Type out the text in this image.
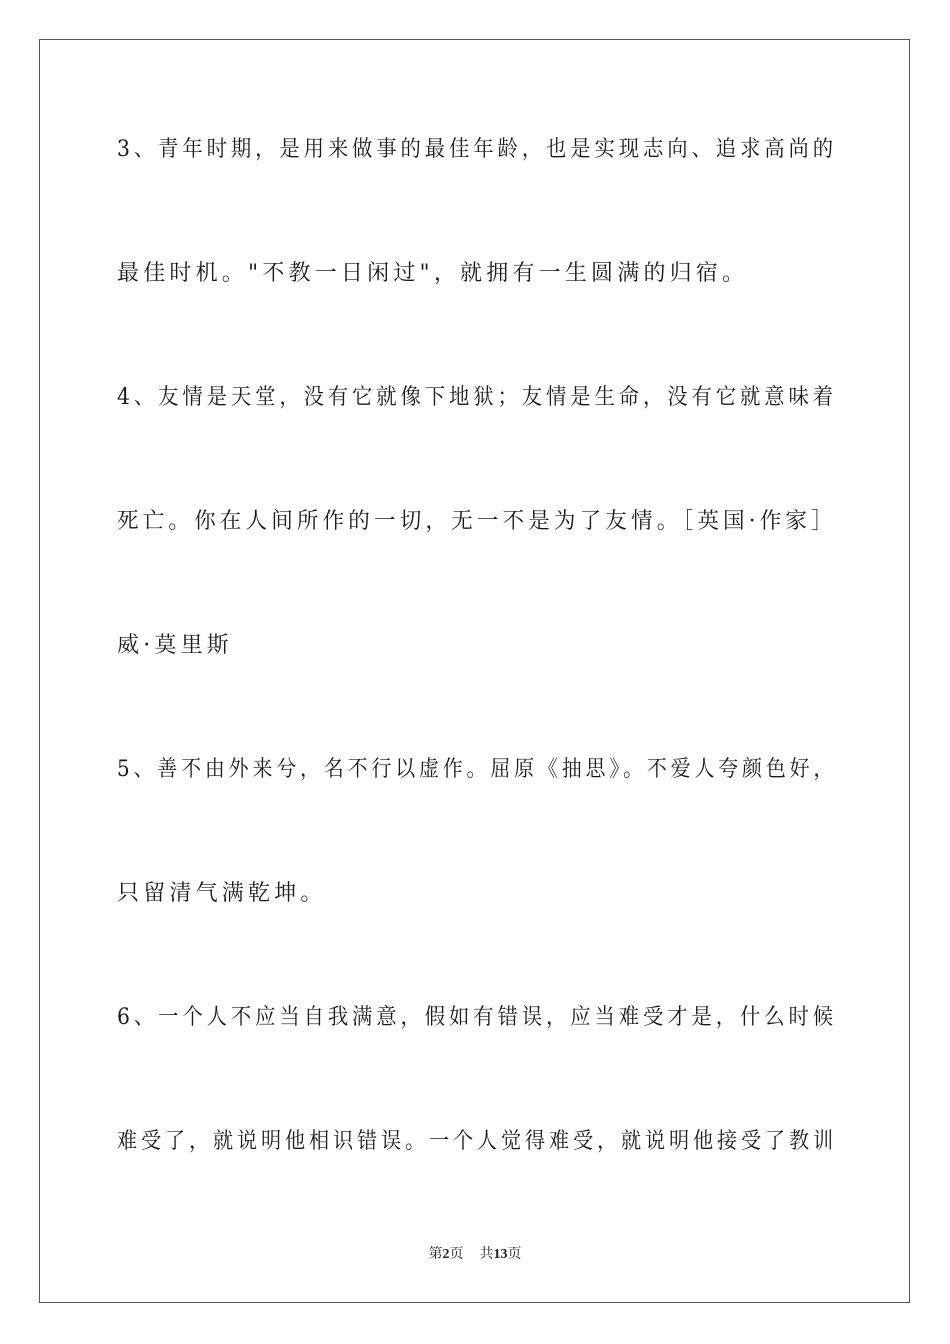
3、青年时期，是用来做事的最佳年龄，也是实现志向、追求高尚的
最佳时机。"不教一日闲过"，就拥有一生圆满的归宿。
4、友情是天堂，没有它就像下地狱；友情是生命，没有它就意味着
死亡。你在人间所作的一切，无一不是为了友情。［英国·作家］
威·莫里斯
5、善不由外来兮，名不行以虚作。屈原《抽思》。不爱人夸颜色好，
只留清气满乾坤。
6、一个人不应当自我满意，假如有错误，应当难受才是，什么时候
难受了，就说明他相识错误。一个人觉得难受，就说明他接受了教训
第2页 共13页
